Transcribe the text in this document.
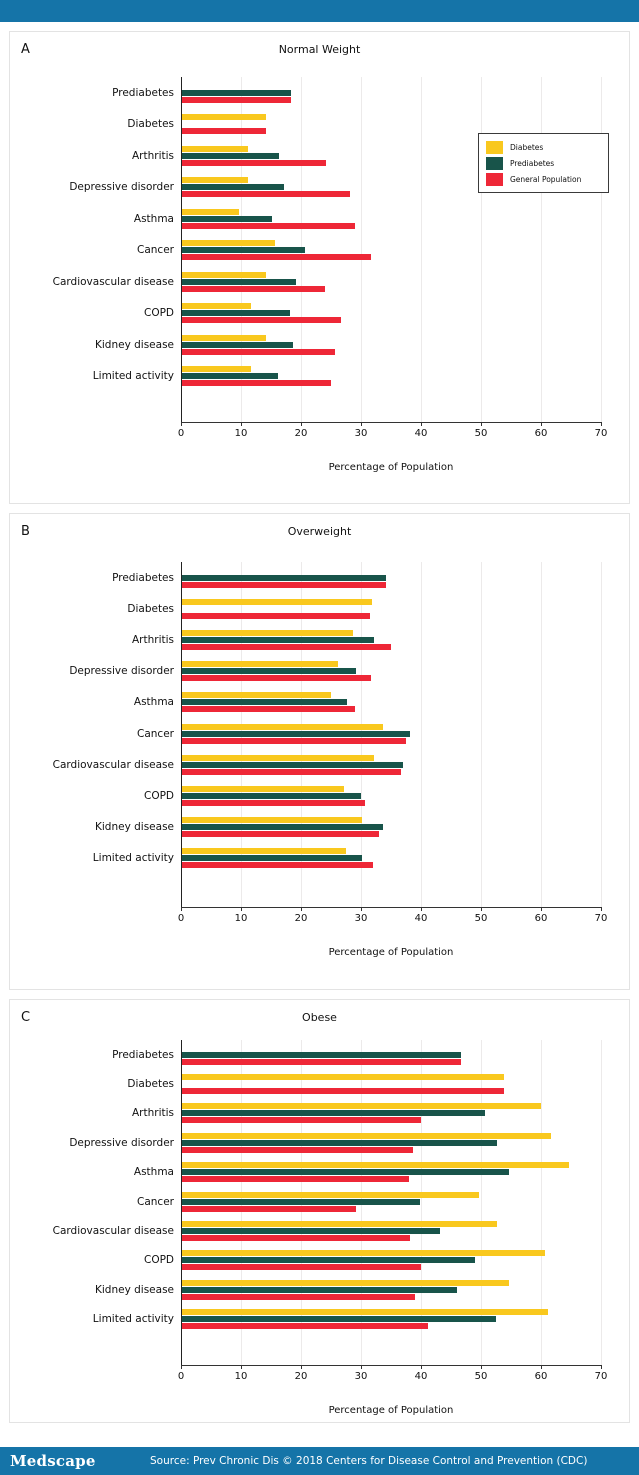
A	Normal Weight
Prediabetes
Diabetes
Arthritis
Depressive disorder
Asthma
Cancer
Cardiovascular disease
COPD
Kidney disease
Limited activity
0	10	20	30	40	50	60	70
Percentage of Population
Diabetes
Prediabetes
General Population
B	Overweight
Prediabetes
Diabetes
Arthritis
Depressive disorder
Asthma
Cancer
Cardiovascular disease
COPD
Kidney disease
Limited activity
0	10	20	30	40	50	60	70
Percentage of Population
C	Obese
Prediabetes
Diabetes
Arthritis
Depressive disorder
Asthma
Cancer
Cardiovascular disease
COPD
Kidney disease
Limited activity
0	10	20	30	40	50	60	70
Percentage of Population
Medscape	Source: Prev Chronic Dis © 2018 Centers for Disease Control and Prevention (CDC)
